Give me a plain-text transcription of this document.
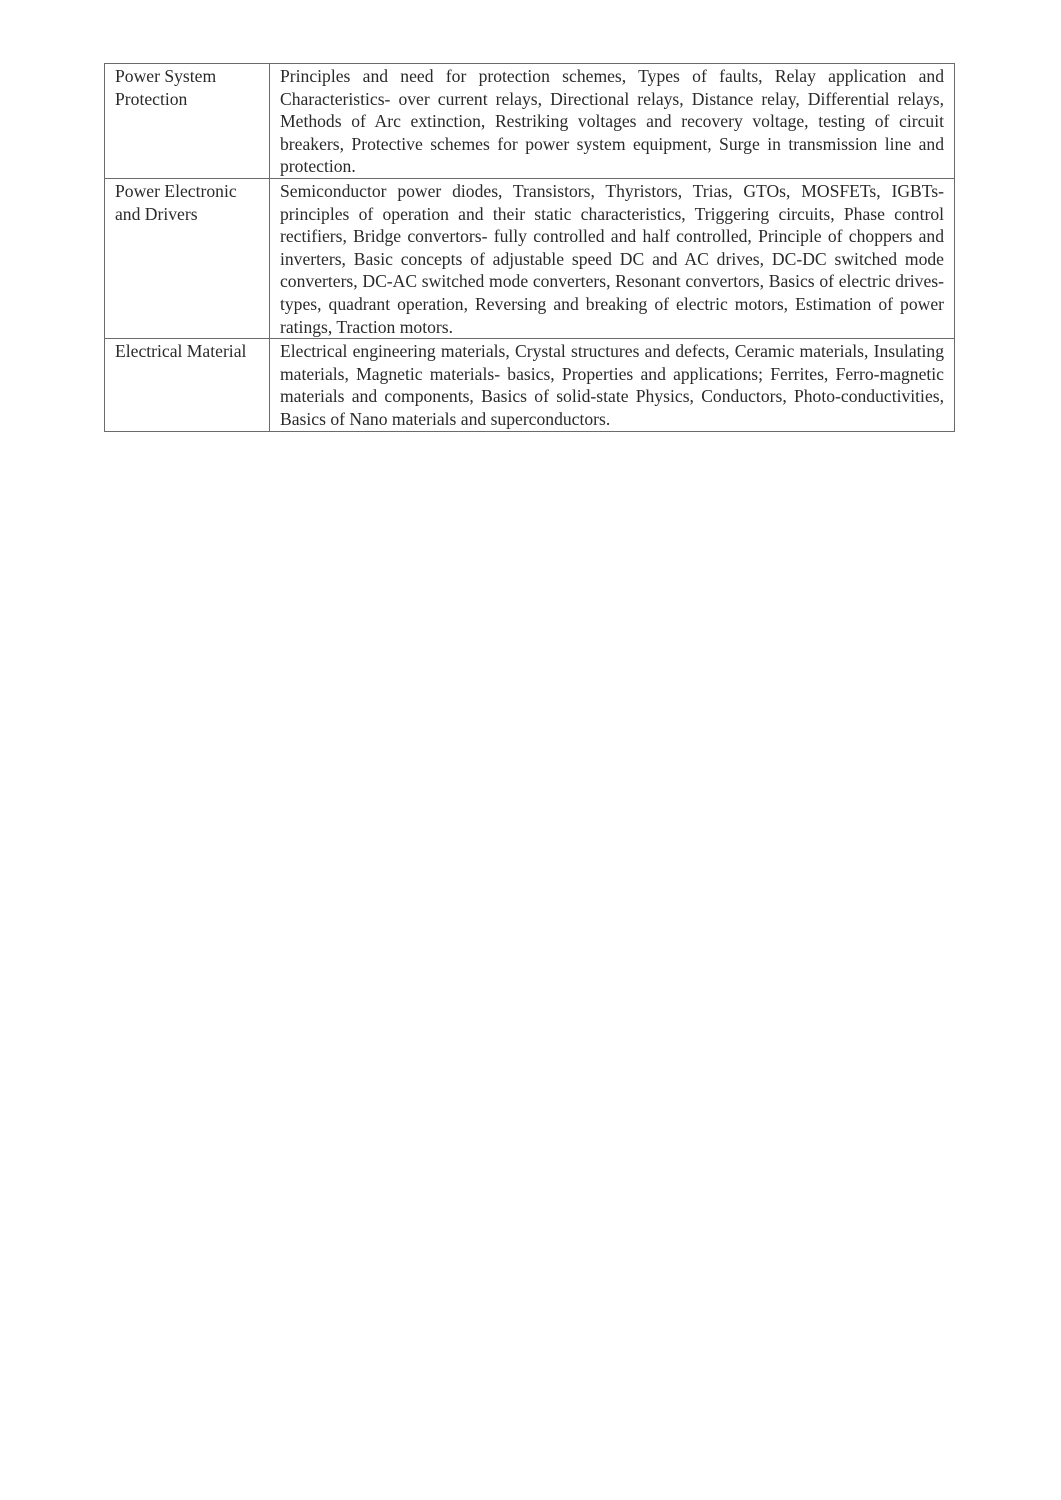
Power System Protection	Principles and need for protection schemes, Types of faults, Relay application and Characteristics- over current relays, Directional relays, Distance relay, Differential relays, Methods of Arc extinction, Restriking voltages and recovery voltage, testing of circuit breakers, Protective schemes for power system equipment, Surge in transmission line and protection.
Power Electronic and Drivers	Semiconductor power diodes, Transistors, Thyristors, Trias, GTOs, MOSFETs, IGBTs- principles of operation and their static characteristics, Triggering circuits, Phase control rectifiers, Bridge convertors- fully controlled and half controlled, Principle of choppers and inverters, Basic concepts of adjustable speed DC and AC drives, DC-DC switched mode converters, DC-AC switched mode converters, Resonant convertors, Basics of electric drives- types, quadrant operation, Reversing and breaking of electric motors, Estimation of power ratings, Traction motors.
Electrical Material	Electrical engineering materials, Crystal structures and defects, Ceramic materials, Insulating materials, Magnetic materials- basics, Properties and applications; Ferrites, Ferro-magnetic materials and components, Basics of solid-state Physics, Conductors, Photo-conductivities, Basics of Nano materials and superconductors.
